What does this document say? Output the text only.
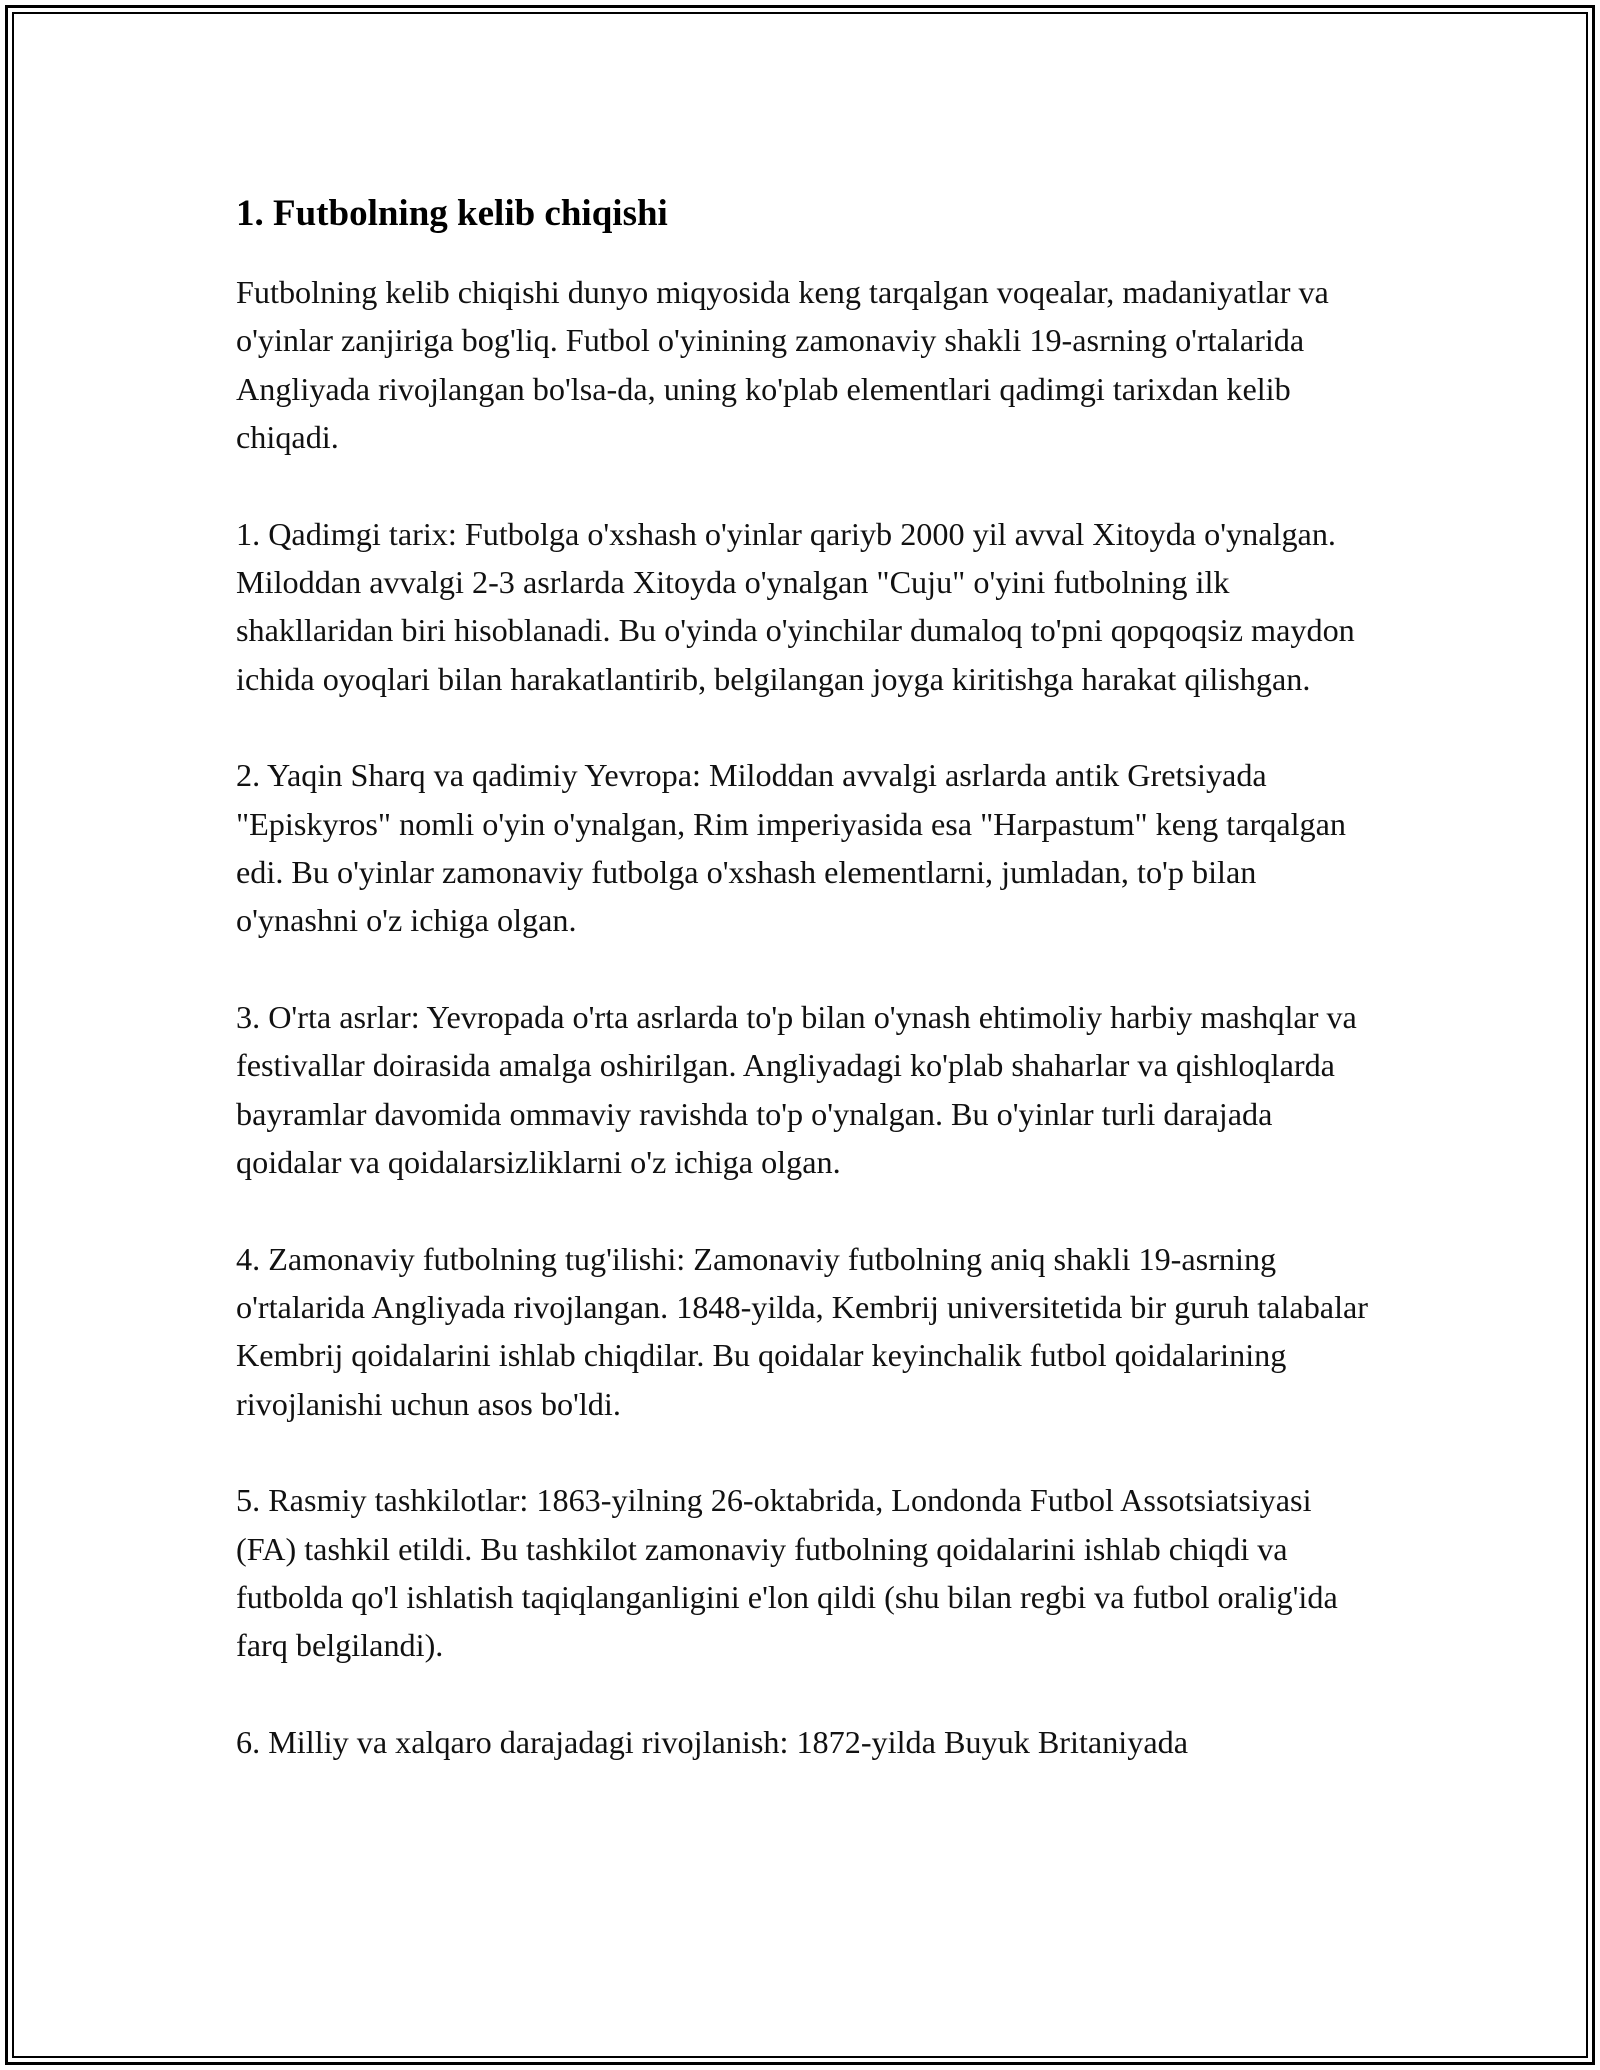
1. Futbolning kelib chiqishi

Futbolning kelib chiqishi dunyo miqyosida keng tarqalgan voqealar, madaniyatlar va o'yinlar zanjiriga bog'liq. Futbol o'yinining zamonaviy shakli 19-asrning o'rtalarida Angliyada rivojlangan bo'lsa-da, uning ko'plab elementlari qadimgi tarixdan kelib chiqadi.

1. Qadimgi tarix: Futbolga o'xshash o'yinlar qariyb 2000 yil avval Xitoyda o'ynalgan. Miloddan avvalgi 2-3 asrlarda Xitoyda o'ynalgan "Cuju" o'yini futbolning ilk shakllaridan biri hisoblanadi. Bu o'yinda o'yinchilar dumaloq to'pni qopqoqsiz maydon ichida oyoqlari bilan harakatlantirib, belgilangan joyga kiritishga harakat qilishgan.

2. Yaqin Sharq va qadimiy Yevropa: Miloddan avvalgi asrlarda antik Gretsiyada "Episkyros" nomli o'yin o'ynalgan, Rim imperiyasida esa "Harpastum" keng tarqalgan edi. Bu o'yinlar zamonaviy futbolga o'xshash elementlarni, jumladan, to'p bilan o'ynashni o'z ichiga olgan.

3. O'rta asrlar: Yevropada o'rta asrlarda to'p bilan o'ynash ehtimoliy harbiy mashqlar va festivallar doirasida amalga oshirilgan. Angliyadagi ko'plab shaharlar va qishloqlarda bayramlar davomida ommaviy ravishda to'p o'ynalgan. Bu o'yinlar turli darajada qoidalar va qoidalarsizliklarni o'z ichiga olgan.

4. Zamonaviy futbolning tug'ilishi: Zamonaviy futbolning aniq shakli 19-asrning o'rtalarida Angliyada rivojlangan. 1848-yilda, Kembrij universitetida bir guruh talabalar Kembrij qoidalarini ishlab chiqdilar. Bu qoidalar keyinchalik futbol qoidalarining rivojlanishi uchun asos bo'ldi.

5. Rasmiy tashkilotlar: 1863-yilning 26-oktabrida, Londonda Futbol Assotsiatsiyasi (FA) tashkil etildi. Bu tashkilot zamonaviy futbolning qoidalarini ishlab chiqdi va futbolda qo'l ishlatish taqiqlanganligini e'lon qildi (shu bilan regbi va futbol oralig'ida farq belgilandi).

6. Milliy va xalqaro darajadagi rivojlanish: 1872-yilda Buyuk Britaniyada
